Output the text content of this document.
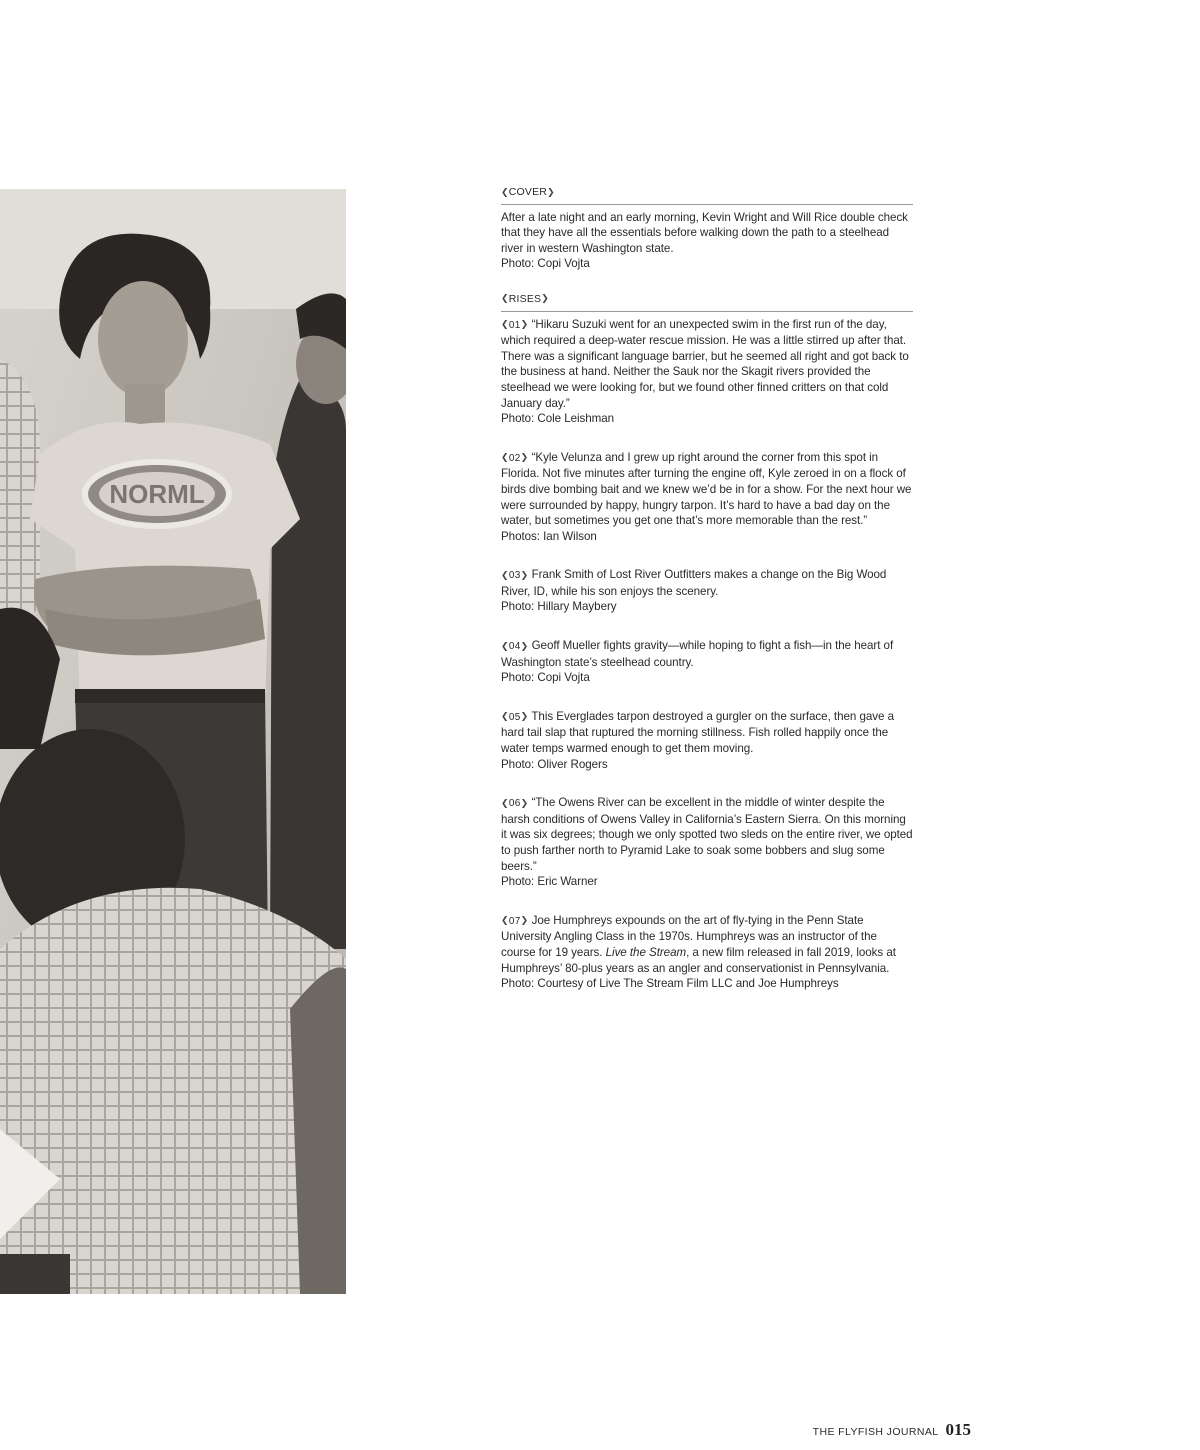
NORML
❮ COVER ❯

After a late night and an early morning, Kevin Wright and Will Rice double check that they have all the essentials before walking down the path to a steelhead river in western Washington state.

Photo: Copi Vojta
❮ RISES ❯

❮01❯ “Hikaru Suzuki went for an unexpected swim in the first run of the day, which required a deep-water rescue mission. He was a little stirred up after that. There was a significant language barrier, but he seemed all right and got back to the business at hand. Neither the Sauk nor the Skagit rivers provided the steelhead we were looking for, but we found other finned critters on that cold January day.”

Photo: Cole Leishman

❮02❯ “Kyle Velunza and I grew up right around the corner from this spot in Florida. Not five minutes after turning the engine off, Kyle zeroed in on a flock of birds dive bombing bait and we knew we’d be in for a show. For the next hour we were surrounded by happy, hungry tarpon. It’s hard to have a bad day on the water, but sometimes you get one that’s more memorable than the rest.”

Photos: Ian Wilson

❮03❯ Frank Smith of Lost River Outfitters makes a change on the Big Wood River, ID, while his son enjoys the scenery.

Photo: Hillary Maybery

❮04❯ Geoff Mueller fights gravity—while hoping to fight a fish—in the heart of Washington state’s steelhead country.

Photo: Copi Vojta

❮05❯ This Everglades tarpon destroyed a gurgler on the surface, then gave a hard tail slap that ruptured the morning stillness. Fish rolled happily once the water temps warmed enough to get them moving.

Photo: Oliver Rogers

❮06❯ “The Owens River can be excellent in the middle of winter despite the harsh conditions of Owens Valley in California’s Eastern Sierra. On this morning it was six degrees; though we only spotted two sleds on the entire river, we opted to push farther north to Pyramid Lake to soak some bobbers and slug some beers.”

Photo: Eric Warner

❮07❯ Joe Humphreys expounds on the art of fly-tying in the Penn State University Angling Class in the 1970s. Humphreys was an instructor of the course for 19 years. Live the Stream, a new film released in fall 2019, looks at Humphreys’ 80-plus years as an angler and conservationist in Pennsylvania.

Photo: Courtesy of Live The Stream Film LLC and Joe Humphreys
THE FLYFISH JOURNAL 015
